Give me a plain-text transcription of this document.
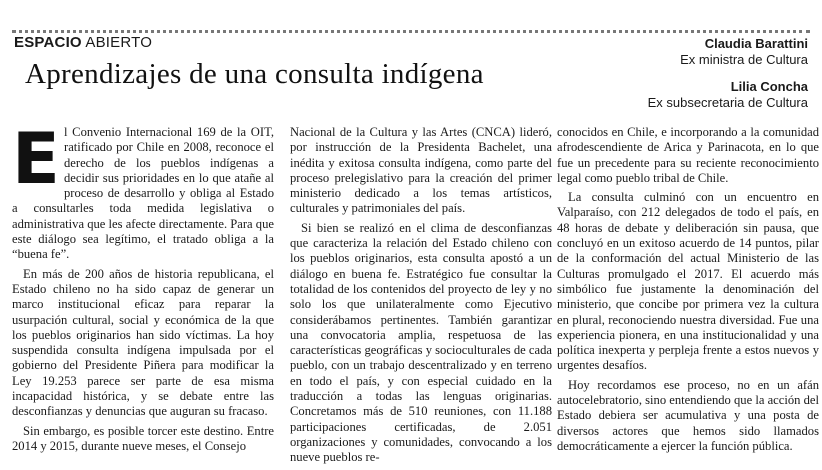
ESPACIO ABIERTO
Aprendizajes de una consulta indígena
Claudia Barattini
Ex ministra de Cultura
Lilia Concha
Ex subsecretaria de Cultura
E l Convenio Internacional 169 de la OIT, ratificado por Chile en 2008, reconoce el derecho de los pueblos indígenas a decidir sus prioridades en lo que atañe al proceso de desarrollo y obliga al Estado a consultarles toda medida legislativa o administrativa que les afecte directamente. Para que este diálogo sea legítimo, el tratado obliga a la “buena fe”.

En más de 200 años de historia republicana, el Estado chileno no ha sido capaz de generar un marco institucional eficaz para reparar la usurpación cultural, social y económica de la que los pueblos originarios han sido víctimas. La hoy suspendida consulta indígena impulsada por el gobierno del Presidente Piñera para modificar la Ley 19.253 parece ser parte de esa misma incapacidad histórica, y se debate entre las desconfianzas y denuncias que auguran su fracaso.

Sin embargo, es posible torcer este destino. Entre 2014 y 2015, durante nueve meses, el Consejo

Nacional de la Cultura y las Artes (CNCA) lideró, por instrucción de la Presidenta Bachelet, una inédita y exitosa consulta indígena, como parte del proceso prelegislativo para la creación del primer ministerio dedicado a los temas artísticos, culturales y patrimoniales del país.

Si bien se realizó en el clima de desconfianzas que caracteriza la relación del Estado chileno con los pueblos originarios, esta consulta apostó a un diálogo en buena fe. Estratégico fue consultar la totalidad de los contenidos del proyecto de ley y no solo los que unilateralmente como Ejecutivo considerábamos pertinentes. También garantizar una convocatoria amplia, respetuosa de las características geográficas y socioculturales de cada pueblo, con un trabajo descentralizado y en terreno en todo el país, y con especial cuidado en la traducción a todas las lenguas originarias. Concretamos más de 510 reuniones, con 11.188 participaciones certificadas, de 2.051 organizaciones y comunidades, convocando a los nueve pueblos re-

conocidos en Chile, e incorporando a la comunidad afrodescendiente de Arica y Parinacota, en lo que fue un precedente para su reciente reconocimiento legal como pueblo tribal de Chile.

La consulta culminó con un encuentro en Valparaíso, con 212 delegados de todo el país, en 48 horas de debate y deliberación sin pausa, que concluyó en un exitoso acuerdo de 14 puntos, pilar de la conformación del actual Ministerio de las Culturas promulgado el 2017. El acuerdo más simbólico fue justamente la denominación del ministerio, que concibe por primera vez la cultura en plural, reconociendo nuestra diversidad. Fue una experiencia pionera, en una institucionalidad y una política inexperta y perpleja frente a estos nuevos y urgentes desafíos.

Hoy recordamos ese proceso, no en un afán autocelebratorio, sino entendiendo que la acción del Estado debiera ser acumulativa y una posta de diversos actores que hemos sido llamados democráticamente a ejercer la función pública.
